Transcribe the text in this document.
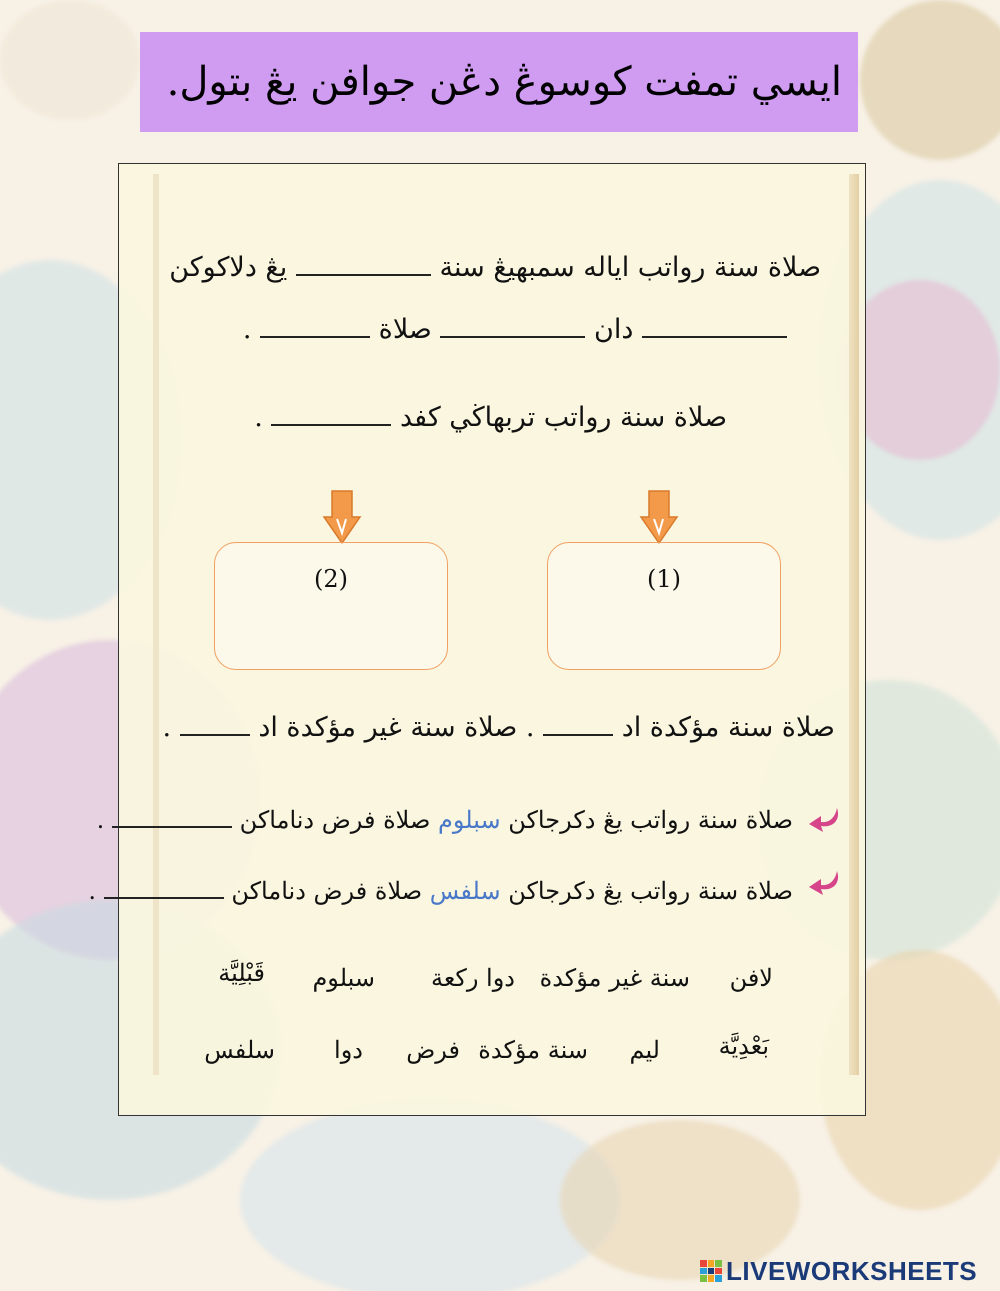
ايسي تمفت كوسوڠ دڠن جوافن يڠ بتول.
صلاة سنة رواتب اياله سمبهيڠ سنة  يڠ دلاكوكن
دان  صلاة  .
صلاة سنة رواتب تربهاڬي كفد  .
(1)
(2)
صلاة سنة مؤكدة اد  . صلاة سنة غير مؤكدة اد  .
صلاة سنة رواتب يڠ دكرجاكن سبلوم صلاة فرض دناماكن  .
صلاة سنة رواتب يڠ دكرجاكن سلفس صلاة فرض دناماكن  .
لافن
سنة غير مؤكدة
دوا ركعة
سبلوم
قَبْلِيَّة
بَعْدِيَّة
ليم
سنة مؤكدة
فرض
دوا
سلفس
LIVEWORKSHEETS
